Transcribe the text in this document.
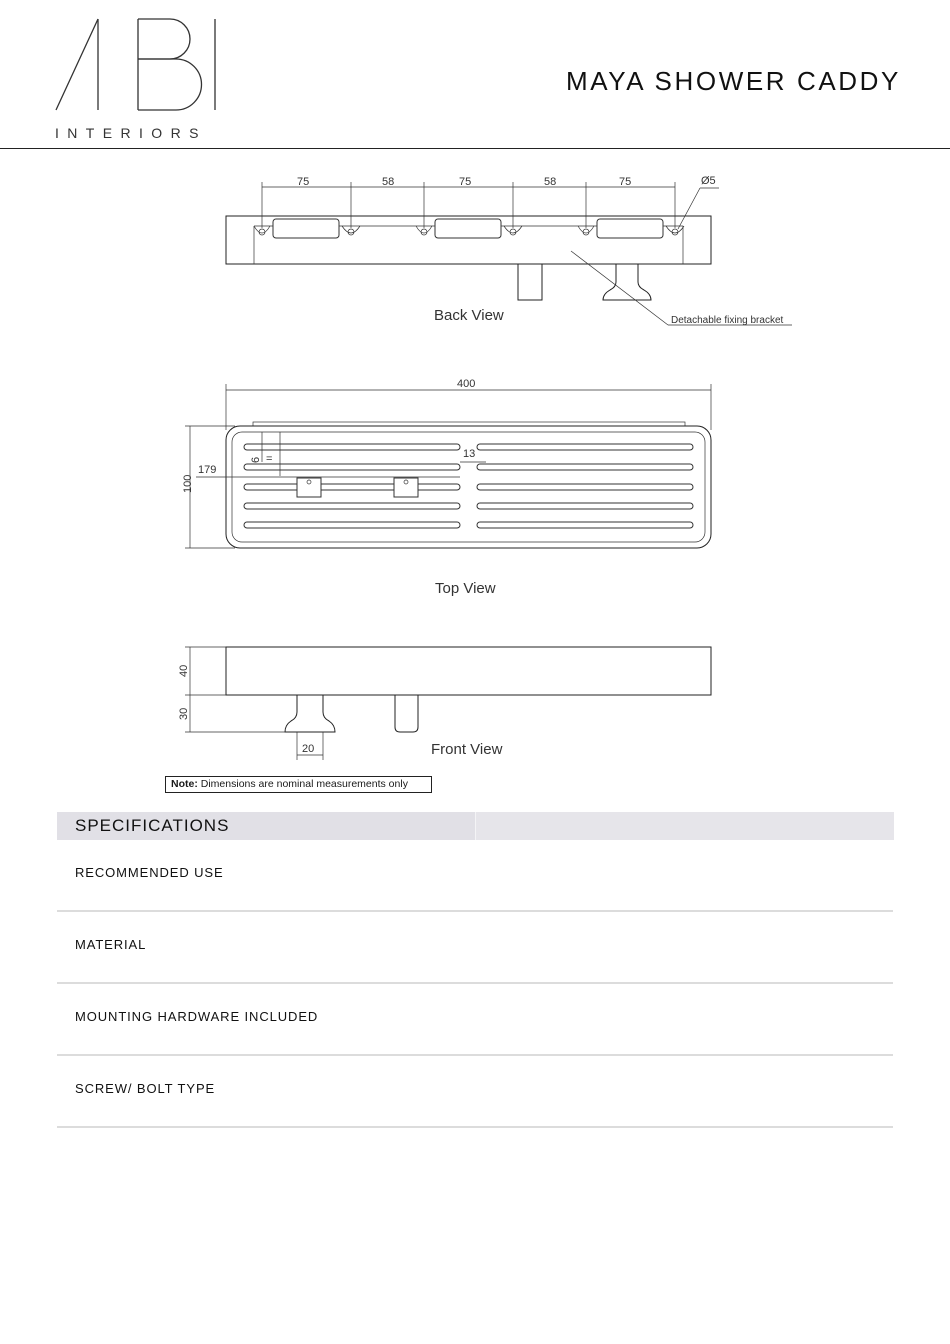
INTERIORS
MAYA SHOWER CADDY
75	58	75	58	75	Ø5
Detachable fixing bracket
Back View
400
100
179
6 =	13
Top View
40
30
20	Front View
Note: Dimensions are nominal measurements only
SPECIFICATIONS
RECOMMENDED USE
MATERIAL
MOUNTING HARDWARE INCLUDED
SCREW/ BOLT TYPE
